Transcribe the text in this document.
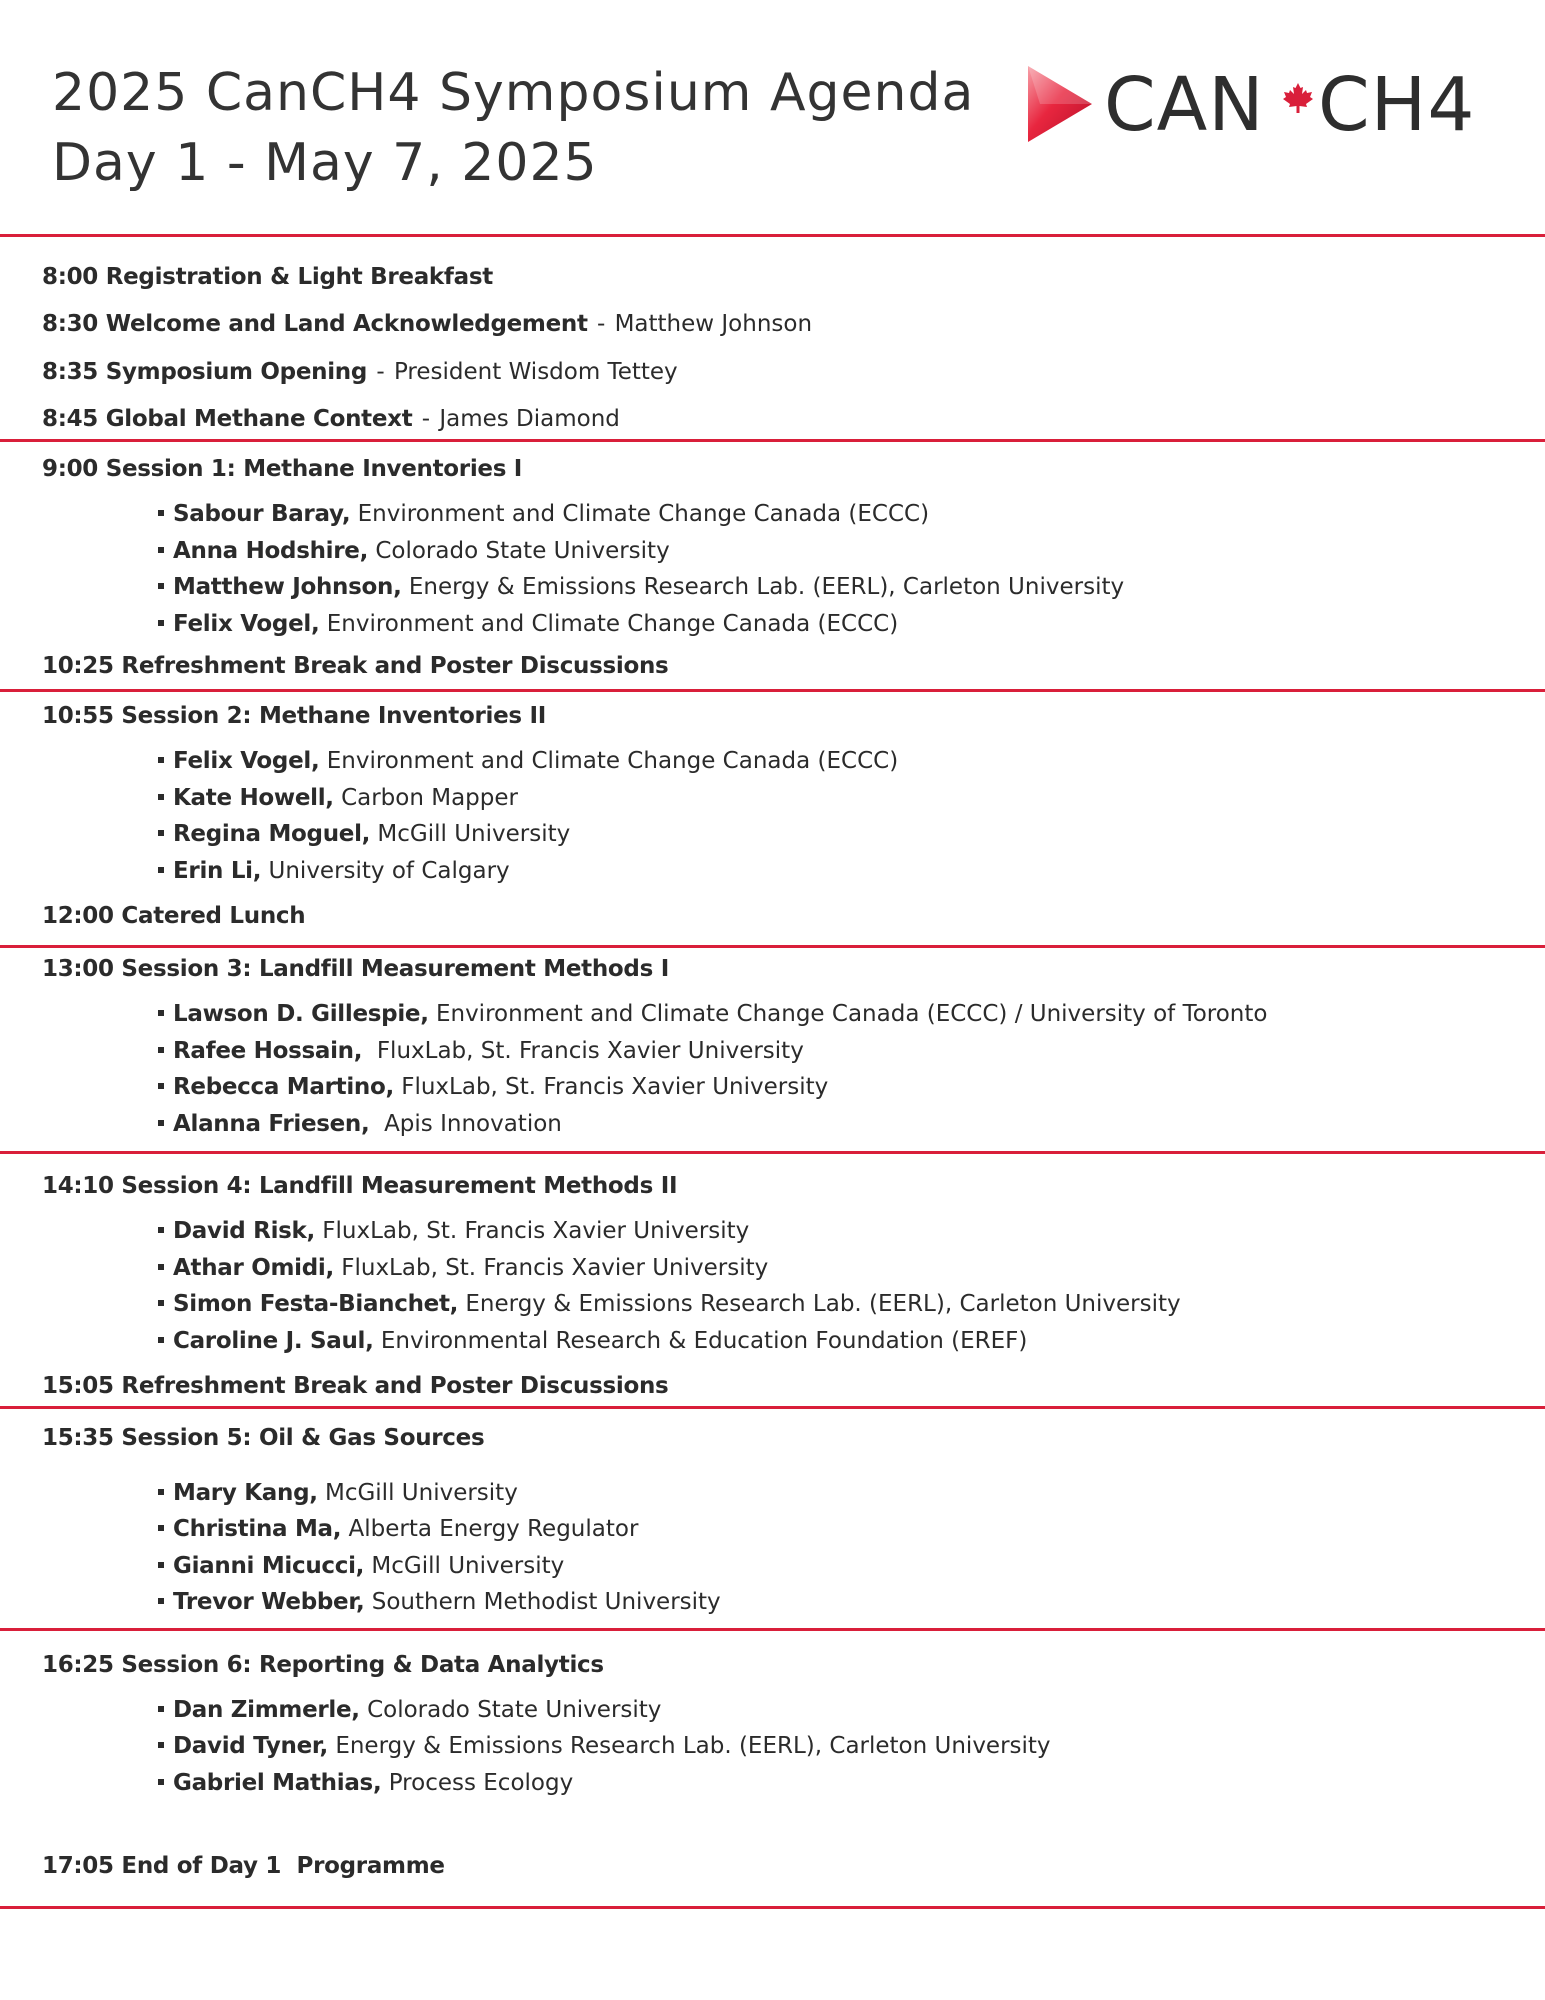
2025 CanCH4 Symposium Agenda
Day 1 - May 7, 2025
CAN CH4
8:00 Registration & Light Breakfast
8:30 Welcome and Land Acknowledgement - Matthew Johnson
8:35 Symposium Opening - President Wisdom Tettey
8:45 Global Methane Context - James Diamond
9:00 Session 1: Methane Inventories I
Sabour Baray, Environment and Climate Change Canada (ECCC)
Anna Hodshire, Colorado State University
Matthew Johnson, Energy & Emissions Research Lab. (EERL), Carleton University
Felix Vogel, Environment and Climate Change Canada (ECCC)
10:25 Refreshment Break and Poster Discussions
10:55 Session 2: Methane Inventories II
Felix Vogel, Environment and Climate Change Canada (ECCC)
Kate Howell, Carbon Mapper
Regina Moguel, McGill University
Erin Li, University of Calgary
12:00 Catered Lunch
13:00 Session 3: Landfill Measurement Methods I
Lawson D. Gillespie, Environment and Climate Change Canada (ECCC) / University of Toronto
Rafee Hossain, FluxLab, St. Francis Xavier University
Rebecca Martino, FluxLab, St. Francis Xavier University
Alanna Friesen, Apis Innovation
14:10 Session 4: Landfill Measurement Methods II
David Risk, FluxLab, St. Francis Xavier University
Athar Omidi, FluxLab, St. Francis Xavier University
Simon Festa-Bianchet, Energy & Emissions Research Lab. (EERL), Carleton University
Caroline J. Saul, Environmental Research & Education Foundation (EREF)
15:05 Refreshment Break and Poster Discussions
15:35 Session 5: Oil & Gas Sources
Mary Kang, McGill University
Christina Ma, Alberta Energy Regulator
Gianni Micucci, McGill University
Trevor Webber, Southern Methodist University
16:25 Session 6: Reporting & Data Analytics
Dan Zimmerle, Colorado State University
David Tyner, Energy & Emissions Research Lab. (EERL), Carleton University
Gabriel Mathias, Process Ecology
17:05 End of Day 1  Programme
